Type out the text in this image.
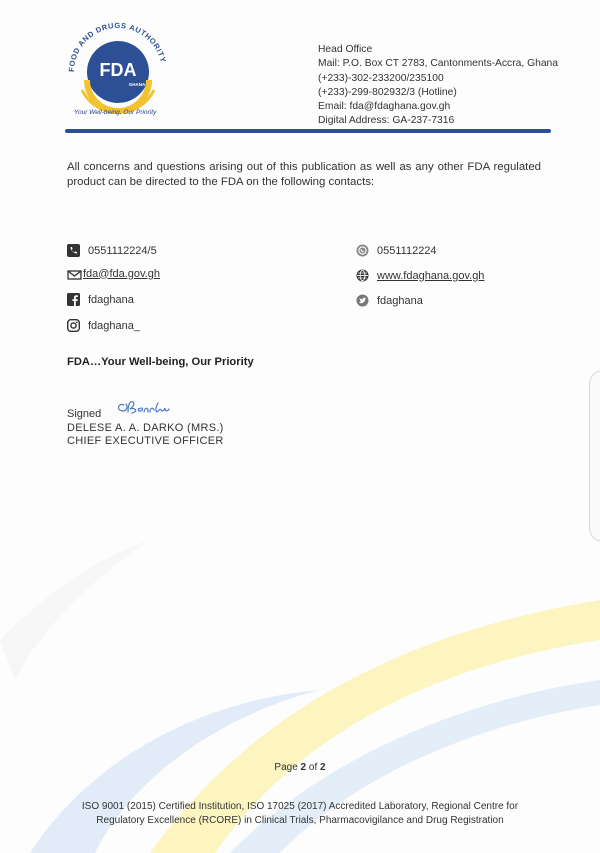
FOOD AND DRUGS AUTHORITY
FDA
GHANA
Your Well-being, Our Priority
Head Office
Mail: P.O. Box CT 2783, Cantonments-Accra, Ghana
(+233)-302-233200/235100
(+233)-299-802932/3 (Hotline)
Email: fda@fdaghana.gov.gh
Digital Address: GA-237-7316
All concerns and questions arising out of this publication as well as any other FDA regulated product can be directed to the FDA on the following contacts:
0551112224/5
fda@fda.gov.gh
fdaghana
fdaghana_
0551112224
www.fdaghana.gov.gh
fdaghana
FDA…Your Well-being, Our Priority
Signed
DELESE A. A. DARKO (MRS.)
CHIEF EXECUTIVE OFFICER
Page 2 of 2
ISO 9001 (2015) Certified Institution, ISO 17025 (2017) Accredited Laboratory, Regional Centre for
Regulatory Excellence (RCORE) in Clinical Trials, Pharmacovigilance and Drug Registration
